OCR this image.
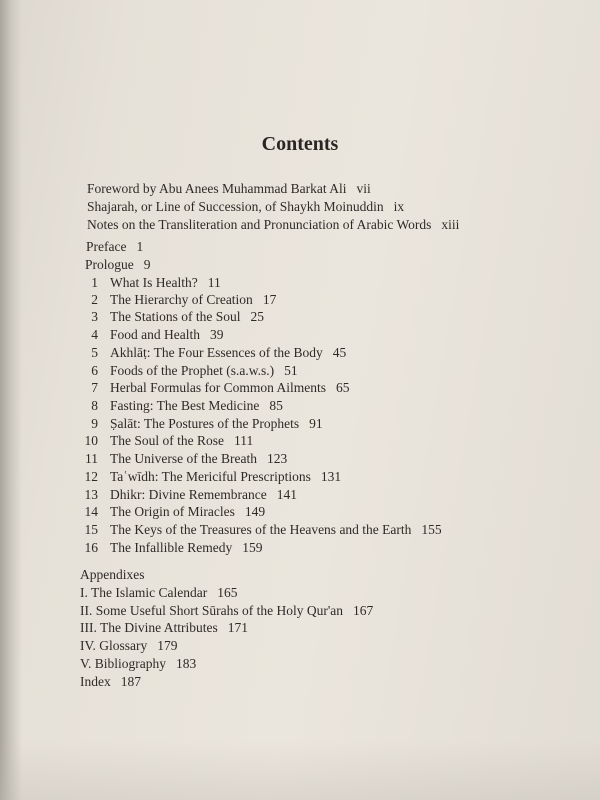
Contents
Foreword by Abu Anees Muhammad Barkat Ali vii
Shajarah, or Line of Succession, of Shaykh Moinuddin ix
Notes on the Transliteration and Pronunciation of Arabic Words xiii
Preface 1
Prologue 9
1 What Is Health? 11
2 The Hierarchy of Creation 17
3 The Stations of the Soul 25
4 Food and Health 39
5 Akhlāṭ: The Four Essences of the Body 45
6 Foods of the Prophet (s.a.w.s.) 51
7 Herbal Formulas for Common Ailments 65
8 Fasting: The Best Medicine 85
9 Ṣalāt: The Postures of the Prophets 91
10 The Soul of the Rose 111
11 The Universe of the Breath 123
12 Taʿwīdh: The Mericiful Prescriptions 131
13 Dhikr: Divine Remembrance 141
14 The Origin of Miracles 149
15 The Keys of the Treasures of the Heavens and the Earth 155
16 The Infallible Remedy 159
Appendixes
I. The Islamic Calendar 165
II. Some Useful Short Sūrahs of the Holy Qur'an 167
III. The Divine Attributes 171
IV. Glossary 179
V. Bibliography 183
Index 187
